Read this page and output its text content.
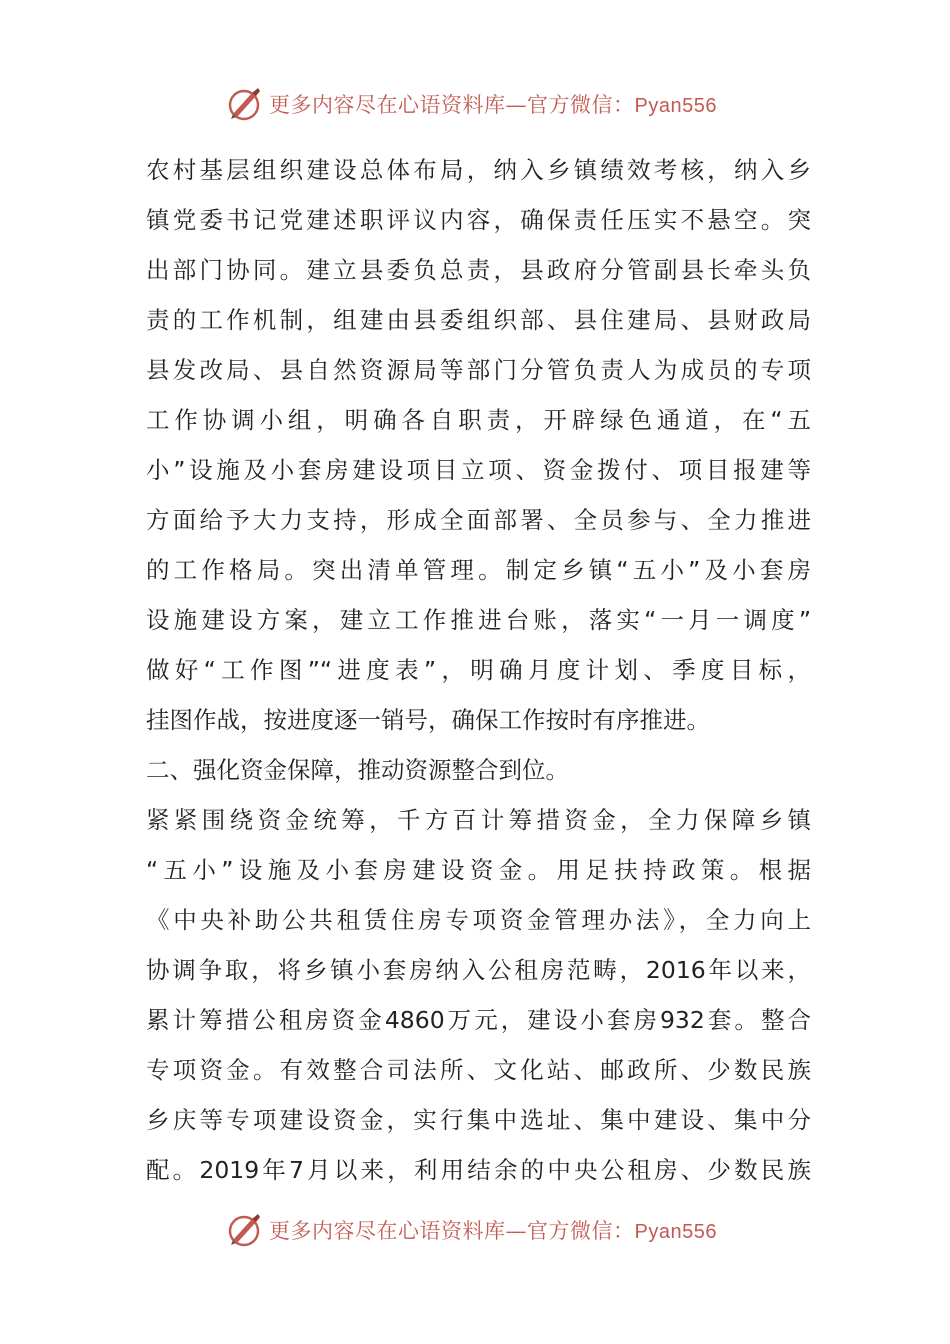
更多内容尽在心语资料库—官方微信：Pyan556
农村基层组织建设总体布局，纳入乡镇绩效考核，纳入乡
镇党委书记党建述职评议内容，确保责任压实不悬空。突
出部门协同。建立县委负总责，县政府分管副县长牵头负
责的工作机制，组建由县委组织部、县住建局、县财政局
县发改局、县自然资源局等部门分管负责人为成员的专项
工作协调小组，明确各自职责，开辟绿色通道，在“五
小”设施及小套房建设项目立项、资金拨付、项目报建等
方面给予大力支持，形成全面部署、全员参与、全力推进
的工作格局。突出清单管理。制定乡镇“五小”及小套房
设施建设方案，建立工作推进台账，落实“一月一调度”
做好“工作图”“进度表”，明确月度计划、季度目标，
挂图作战，按进度逐一销号，确保工作按时有序推进。
二、强化资金保障，推动资源整合到位。
紧紧围绕资金统筹，千方百计筹措资金，全力保障乡镇
“五小”设施及小套房建设资金。用足扶持政策。根据
《中央补助公共租赁住房专项资金管理办法》，全力向上
协调争取，将乡镇小套房纳入公租房范畴，2016年以来，
累计筹措公租房资金4860万元，建设小套房932套。整合
专项资金。有效整合司法所、文化站、邮政所、少数民族
乡庆等专项建设资金，实行集中选址、集中建设、集中分
配。2019年7月以来，利用结余的中央公租房、少数民族
更多内容尽在心语资料库—官方微信：Pyan556
